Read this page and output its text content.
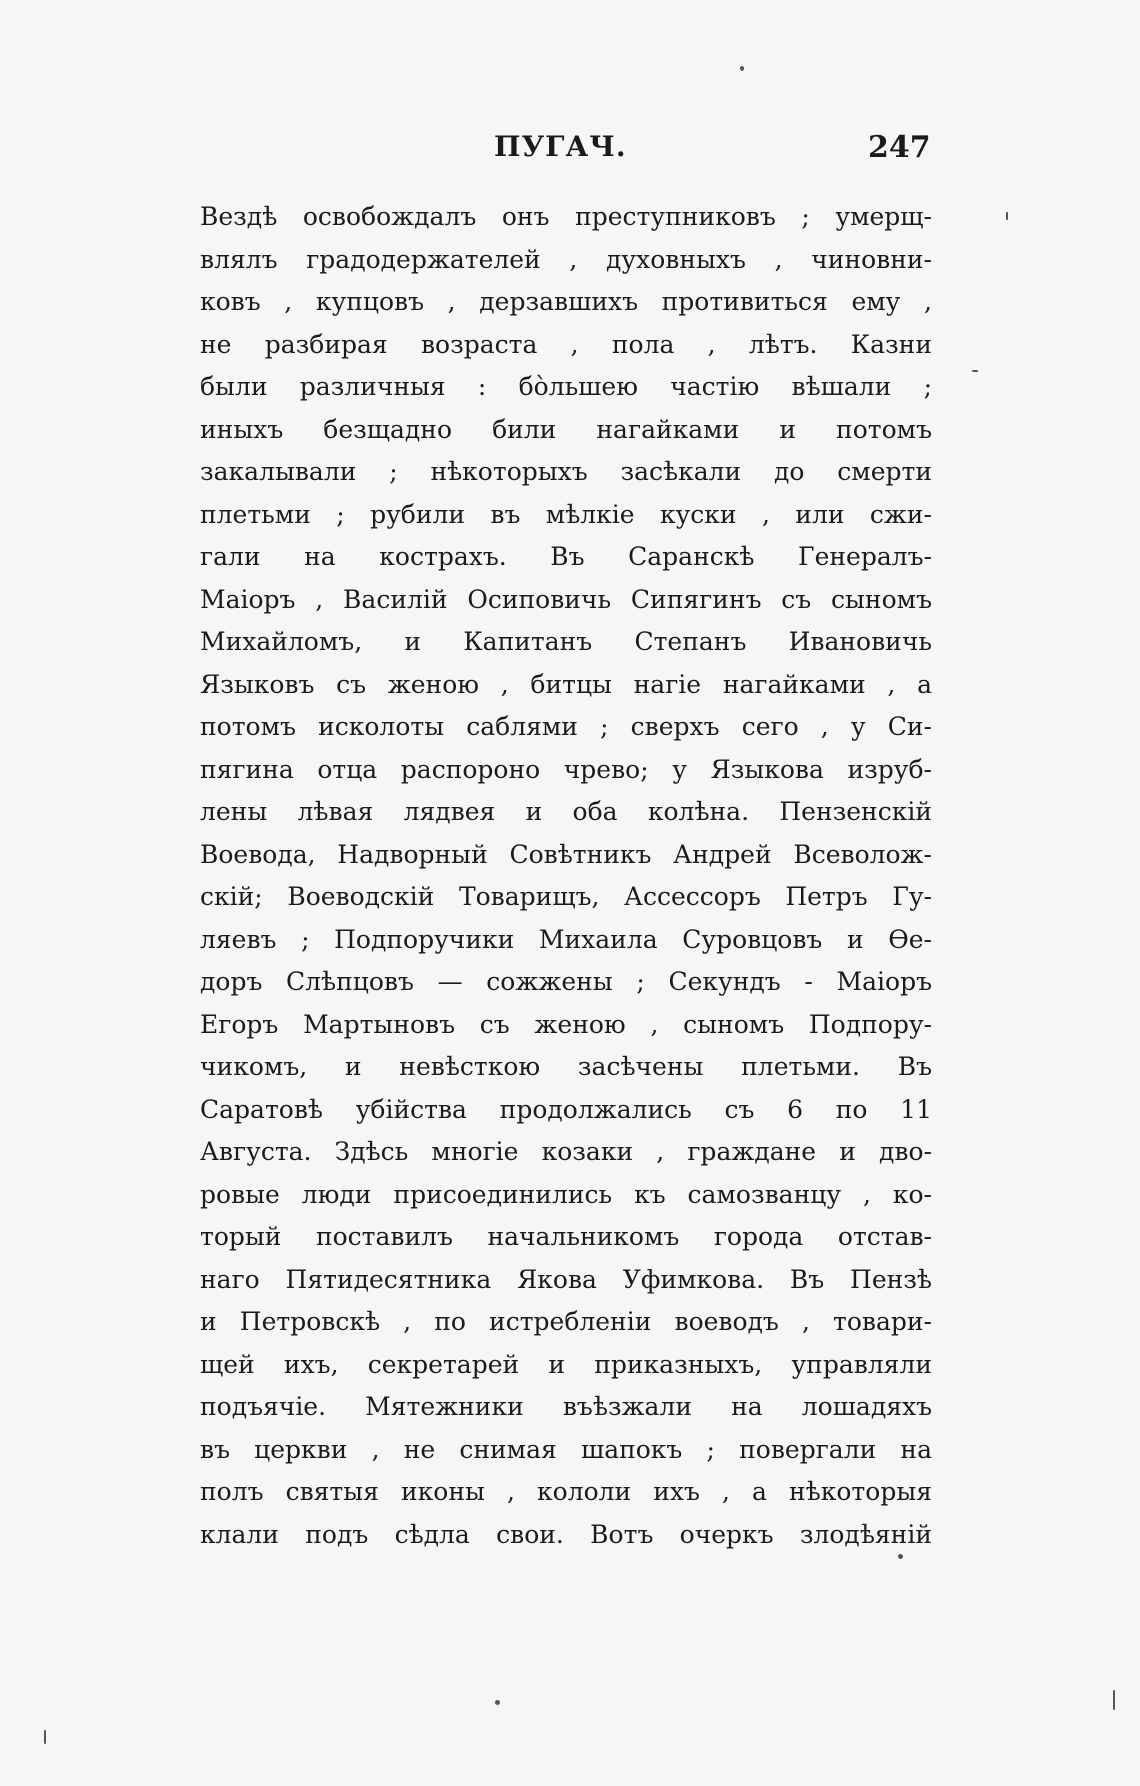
ПУГАЧ.	247
Вездѣ освобождалъ онъ преступниковъ ; умерщ-
влялъ градодержателей , духовныхъ , чиновни-
ковъ , купцовъ , дерзавшихъ противиться ему ,
не разбирая возраста , пола , лѣтъ. Казни
были различныя : бо̀льшею частію вѣшали ;
иныхъ безщадно били нагайками и потомъ
закалывали ; нѣкоторыхъ засѣкали до смерти
плетьми ; рубили въ мѣлкіе куски , или сжи-
гали на кострахъ. Въ Саранскѣ Генералъ-
Маіоръ , Василій Осиповичь Сипягинъ съ сыномъ
Михайломъ, и Капитанъ Степанъ Ивановичь
Языковъ съ женою , битцы нагіе нагайками , а
потомъ исколоты саблями ; сверхъ сего , у Си-
пягина отца распороно чрево; у Языкова изруб-
лены лѣвая лядвея и оба колѣна. Пензенскій
Воевода, Надворный Совѣтникъ Андрей Всеволож-
скій; Воеводскій Товарищъ, Ассессоръ Петръ Гу-
ляевъ ; Подпоручики Михаила Суровцовъ и Ѳе-
доръ Слѣпцовъ — сожжены ; Секундъ - Маіоръ
Егоръ Мартыновъ съ женою , сыномъ Подпору-
чикомъ, и невѣсткою засѣчены плетьми. Въ
Саратовѣ убійства продолжались съ 6 по 11
Августа. Здѣсь многіе козаки , граждане и дво-
ровые люди присоединились къ самозванцу , ко-
торый поставилъ начальникомъ города отстав-
наго Пятидесятника Якова Уфимкова. Въ Пензѣ
и Петровскѣ , по истребленіи воеводъ , товари-
щей ихъ, секретарей и приказныхъ, управляли
подъячіе. Мятежники въѣзжали на лошадяхъ
въ церкви , не снимая шапокъ ; повергали на
полъ святыя иконы , кололи ихъ , а нѣкоторыя
клали подъ сѣдла свои. Вотъ очеркъ злодѣяній
